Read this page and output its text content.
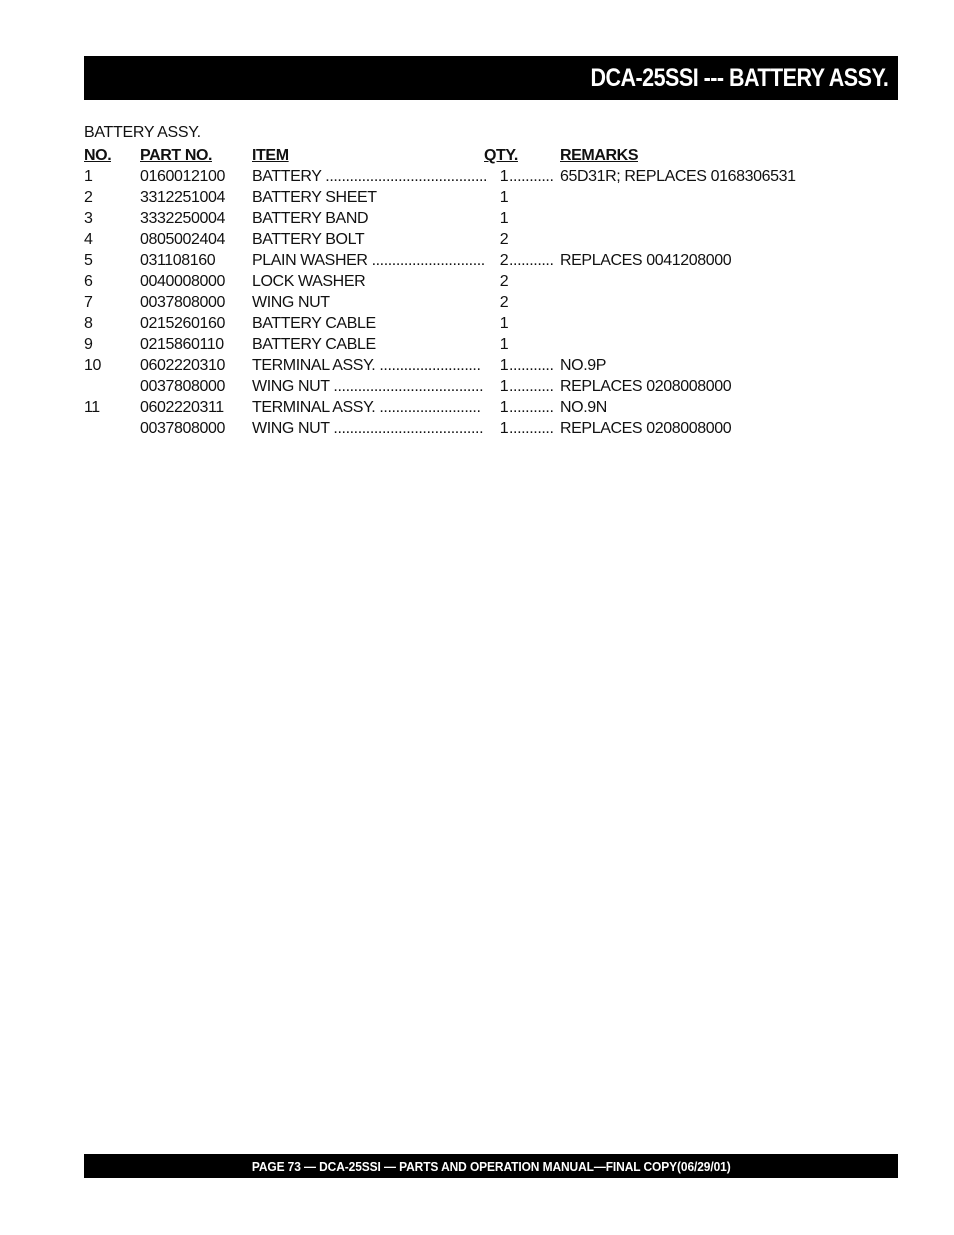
DCA-25SSI --- BATTERY ASSY.
BATTERY ASSY.
NO. PART NO. ITEM	QTY.	REMARKS
1	0160012100 BATTERY ........................................ 1 ........... 65D31R; REPLACES 0168306531
2	3312251004 BATTERY SHEET	1
3	3332250004 BATTERY BAND	1
4	0805002404 BATTERY BOLT	2
5	031108160 PLAIN WASHER ............................ 2 ........... REPLACES 0041208000
6	0040008000 LOCK WASHER	2
7	0037808000 WING NUT	2
8	0215260160 BATTERY CABLE	1
9	0215860110 BATTERY CABLE	1
10 0602220310 TERMINAL ASSY. .........................	1 ........... NO.9P
0037808000 WING NUT .....................................	1 ........... REPLACES 0208008000
11	0602220311 TERMINAL ASSY. .........................	1 ........... NO.9N
0037808000 WING NUT .....................................	1 ........... REPLACES 0208008000
PAGE 73 — DCA-25SSI — PARTS AND OPERATION MANUAL—FINAL COPY(06/29/01)
